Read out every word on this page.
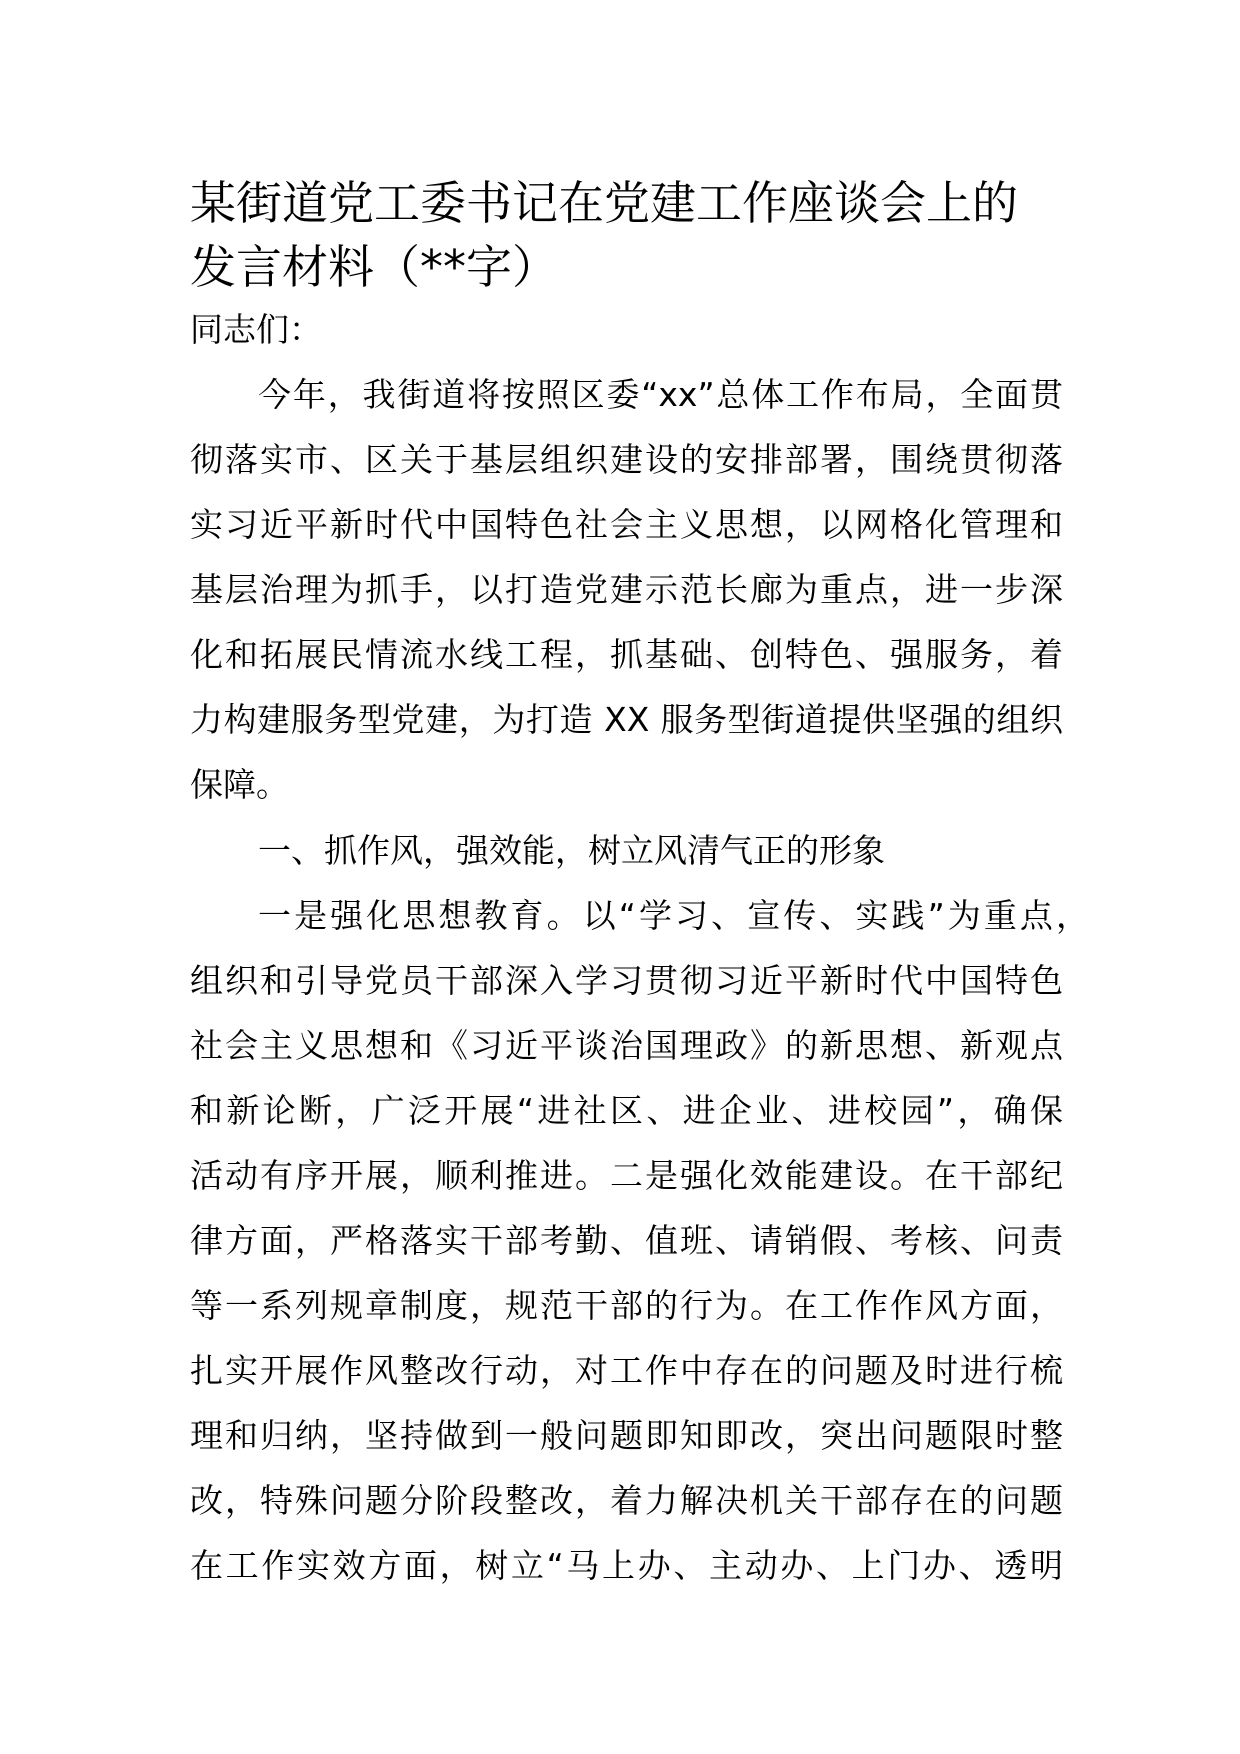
某街道党工委书记在党建工作座谈会上的
发言材料（**字）
同志们：
今年，我街道将按照区委“xx”总体工作布局，全面贯
彻落实市、区关于基层组织建设的安排部署，围绕贯彻落
实习近平新时代中国特色社会主义思想，以网格化管理和
基层治理为抓手，以打造党建示范长廊为重点，进一步深
化和拓展民情流水线工程，抓基础、创特色、强服务，着
力构建服务型党建，为打造 XX 服务型街道提供坚强的组织
保障。
一、抓作风，强效能，树立风清气正的形象
一是强化思想教育。以“学习、宣传、实践”为重点，
组织和引导党员干部深入学习贯彻习近平新时代中国特色
社会主义思想和《习近平谈治国理政》的新思想、新观点
和新论断，广泛开展“进社区、进企业、进校园”，确保
活动有序开展，顺利推进。二是强化效能建设。在干部纪
律方面，严格落实干部考勤、值班、请销假、考核、问责
等一系列规章制度，规范干部的行为。在工作作风方面，
扎实开展作风整改行动，对工作中存在的问题及时进行梳
理和归纳，坚持做到一般问题即知即改，突出问题限时整
改，特殊问题分阶段整改，着力解决机关干部存在的问题
在工作实效方面，树立“马上办、主动办、上门办、透明
